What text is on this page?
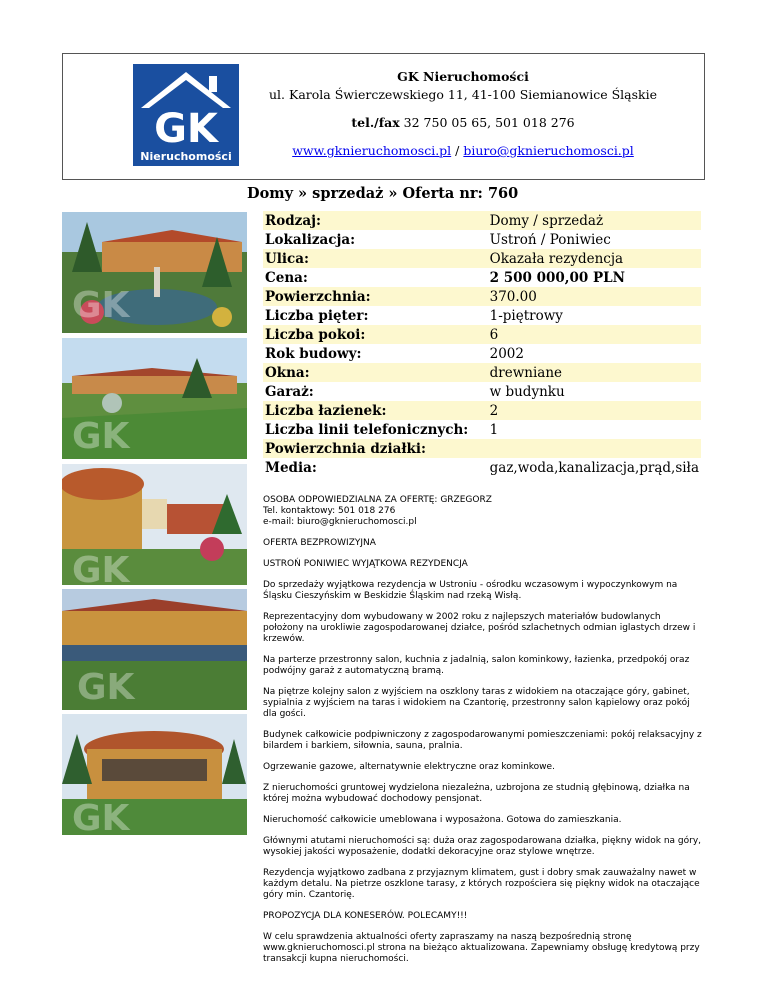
GK
Nieruchomości
GK Nieruchomości
ul. Karola Świerczewskiego 11, 41-100 Siemianowice Śląskie
tel./fax 32 750 05 65, 501 018 276
www.gknieruchomosci.pl / biuro@gknieruchomosci.pl
Domy » sprzedaż » Oferta nr: 760
GK
GK
GK
GK
GK
Rodzaj:	Domy / sprzedaż
Lokalizacja:	Ustroń / Poniwiec
Ulica:	Okazała rezydencja
Cena:	2 500 000,00 PLN
Powierzchnia:	370.00
Liczba pięter:	1-piętrowy
Liczba pokoi:	6
Rok budowy:	2002
Okna:	drewniane
Garaż:	w budynku
Liczba łazienek:	2
Liczba linii telefonicznych:	1
Powierzchnia działki:	
Media:	gaz,woda,kanalizacja,prąd,siła
OSOBA ODPOWIEDZIALNA ZA OFERTĘ: GRZEGORZ
Tel. kontaktowy: 501 018 276
e-mail: biuro@gknieruchomosci.pl

OFERTA BEZPROWIZYJNA

USTROŃ PONIWIEC WYJĄTKOWA REZYDENCJA

Do sprzedaży wyjątkowa rezydencja w Ustroniu - ośrodku wczasowym i wypoczynkowym na Śląsku Cieszyńskim w Beskidzie Śląskim nad rzeką Wisłą.

Reprezentacyjny dom wybudowany w 2002 roku z najlepszych materiałów budowlanych położony na urokliwie zagospodarowanej działce, pośród szlachetnych odmian iglastych drzew i krzewów.

Na parterze przestronny salon, kuchnia z jadalnią, salon kominkowy, łazienka, przedpokój oraz podwójny garaż z automatyczną bramą.

Na piętrze kolejny salon z wyjściem na oszklony taras z widokiem na otaczające góry, gabinet, sypialnia z wyjściem na taras i widokiem na Czantorię, przestronny salon kąpielowy oraz pokój dla gości.

Budynek całkowicie podpiwniczony z zagospodarowanymi pomieszczeniami: pokój relaksacyjny z bilardem i barkiem, siłownia, sauna, pralnia.

Ogrzewanie gazowe, alternatywnie elektryczne oraz kominkowe.

Z nieruchomości gruntowej wydzielona niezależna, uzbrojona ze studnią głębinową, działka na której można wybudować dochodowy pensjonat.

Nieruchomość całkowicie umeblowana i wyposażona. Gotowa do zamieszkania.

Głównymi atutami nieruchomości są: duża oraz zagospodarowana działka, piękny widok na góry, wysokiej jakości wyposażenie, dodatki dekoracyjne oraz stylowe wnętrze.

Rezydencja wyjątkowo zadbana z przyjaznym klimatem, gust i dobry smak zauważalny nawet w każdym detalu. Na pietrze oszklone tarasy, z których rozpościera się piękny widok na otaczające góry min. Czantorię.

PROPOZYCJA DLA KONESERÓW. POLECAMY!!!

W celu sprawdzenia aktualności oferty zapraszamy na naszą bezpośrednią stronę www.gknieruchomosci.pl strona na bieżąco aktualizowana. Zapewniamy obsługę kredytową przy transakcji kupna nieruchomości.
